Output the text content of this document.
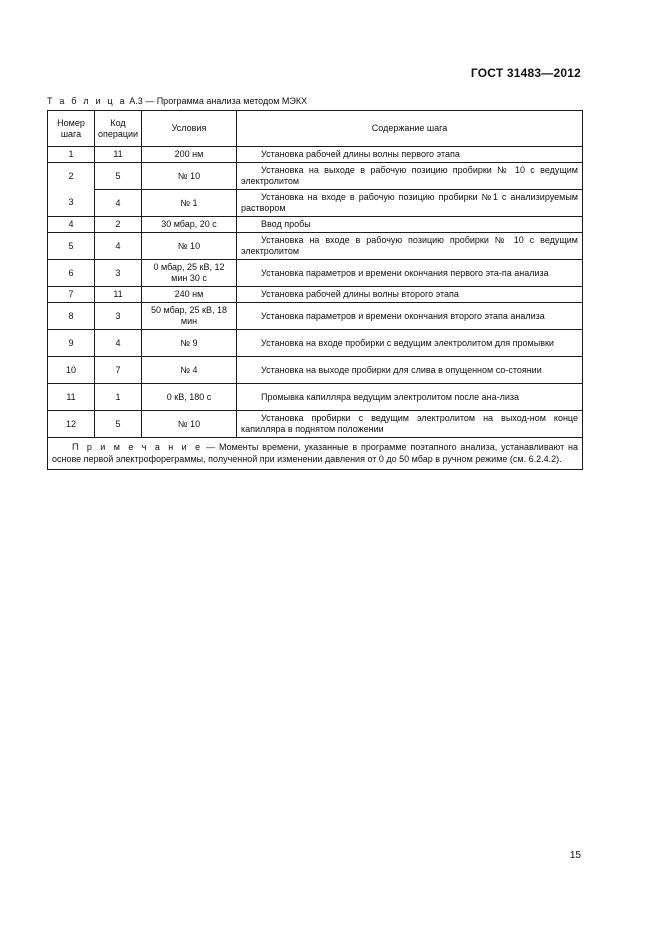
ГОСТ 31483—2012
Т а б л и ц а А.3 — Программа анализа методом МЭКХ
Номер шага	Код операции	Условия	Содержание шага
1	11	200 нм	Установка рабочей длины волны первого этапа
2	5	№ 10	Установка на выходе в рабочую позицию пробирки № 10 с ведущим электролитом
3	4	№ 1	Установка на входе в рабочую позицию пробирки №1 с анализируемым раствором
4	2	30 мбар, 20 с	Ввод пробы
5	4	№ 10	Установка на входе в рабочую позицию пробирки № 10 с ведущим электролитом
6	3	0 мбар, 25 кВ, 12 мин 30 с	Установка параметров и времени окончания первого эта-па анализа
7	11	240 нм	Установка рабочей длины волны второго этапа
8	3	50 мбар, 25 кВ, 18 мин	Установка параметров и времени окончания второго этапа анализа
9	4	№ 9	Установка на входе пробирки с ведущим электролитом для промывки
10	7	№ 4	Установка на выходе пробирки для слива в опущенном со-стоянии
11	1	0 кВ, 180 с	Промывка капилляра ведущим электролитом после ана-лиза
12	5	№ 10	Установка пробирки с ведущим электролитом на выход-ном конце капилляра в поднятом положении
П р и м е ч а н и е — Моменты времени, указанные в программе поэтапного анализа, устанавливают на основе первой электрофореграммы, полученной при изменении давления от 0 до 50 мбар в ручном режиме (см. 6.2.4.2).			
15
